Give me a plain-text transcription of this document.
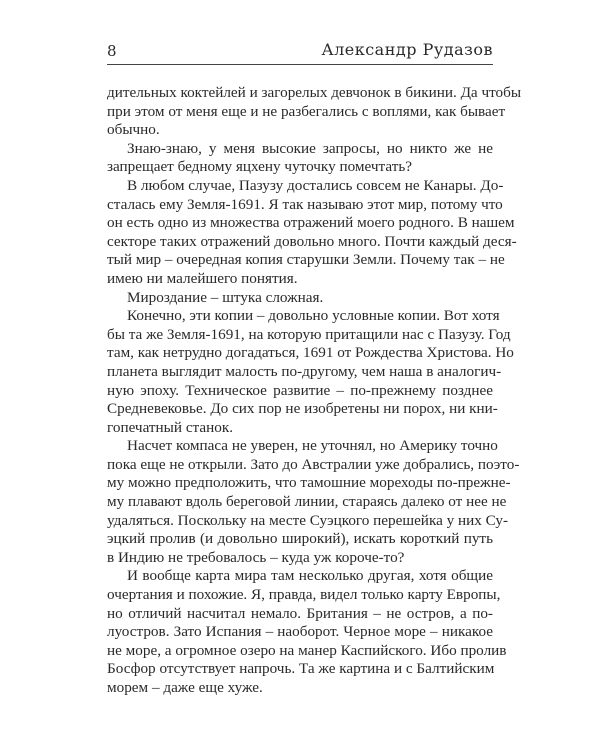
8	Александр Рудазов
дительных коктейлей и загорелых девчонок в бикини. Да чтобы
при этом от меня еще и не разбегались с воплями, как бывает
обычно.
Знаю-знаю, у меня высокие запросы, но никто же не
запрещает бедному яцхену чуточку помечтать?
В любом случае, Пазузу достались совсем не Канары. До-
сталась ему Земля-1691. Я так называю этот мир, потому что
он есть одно из множества отражений моего родного. В нашем
секторе таких отражений довольно много. Почти каждый деся-
тый мир – очередная копия старушки Земли. Почему так – не
имею ни малейшего понятия.
Мироздание – штука сложная.
Конечно, эти копии – довольно условные копии. Вот хотя
бы та же Земля-1691, на которую притащили нас с Пазузу. Год
там, как нетрудно догадаться, 1691 от Рождества Христова. Но
планета выглядит малость по-другому, чем наша в аналогич-
ную эпоху. Техническое развитие – по-прежнему позднее
Средневековье. До сих пор не изобретены ни порох, ни кни-
гопечатный станок.
Насчет компаса не уверен, не уточнял, но Америку точно
пока еще не открыли. Зато до Австралии уже добрались, поэто-
му можно предположить, что тамошние мореходы по-прежне-
му плавают вдоль береговой линии, стараясь далеко от нее не
удаляться. Поскольку на месте Суэцкого перешейка у них Су-
эцкий пролив (и довольно широкий), искать короткий путь
в Индию не требовалось – куда уж короче-то?
И вообще карта мира там несколько другая, хотя общие
очертания и похожие. Я, правда, видел только карту Европы,
но отличий насчитал немало. Британия – не остров, а по-
луостров. Зато Испания – наоборот. Черное море – никакое
не море, а огромное озеро на манер Каспийского. Ибо пролив
Босфор отсутствует напрочь. Та же картина и с Балтийским
морем – даже еще хуже.
